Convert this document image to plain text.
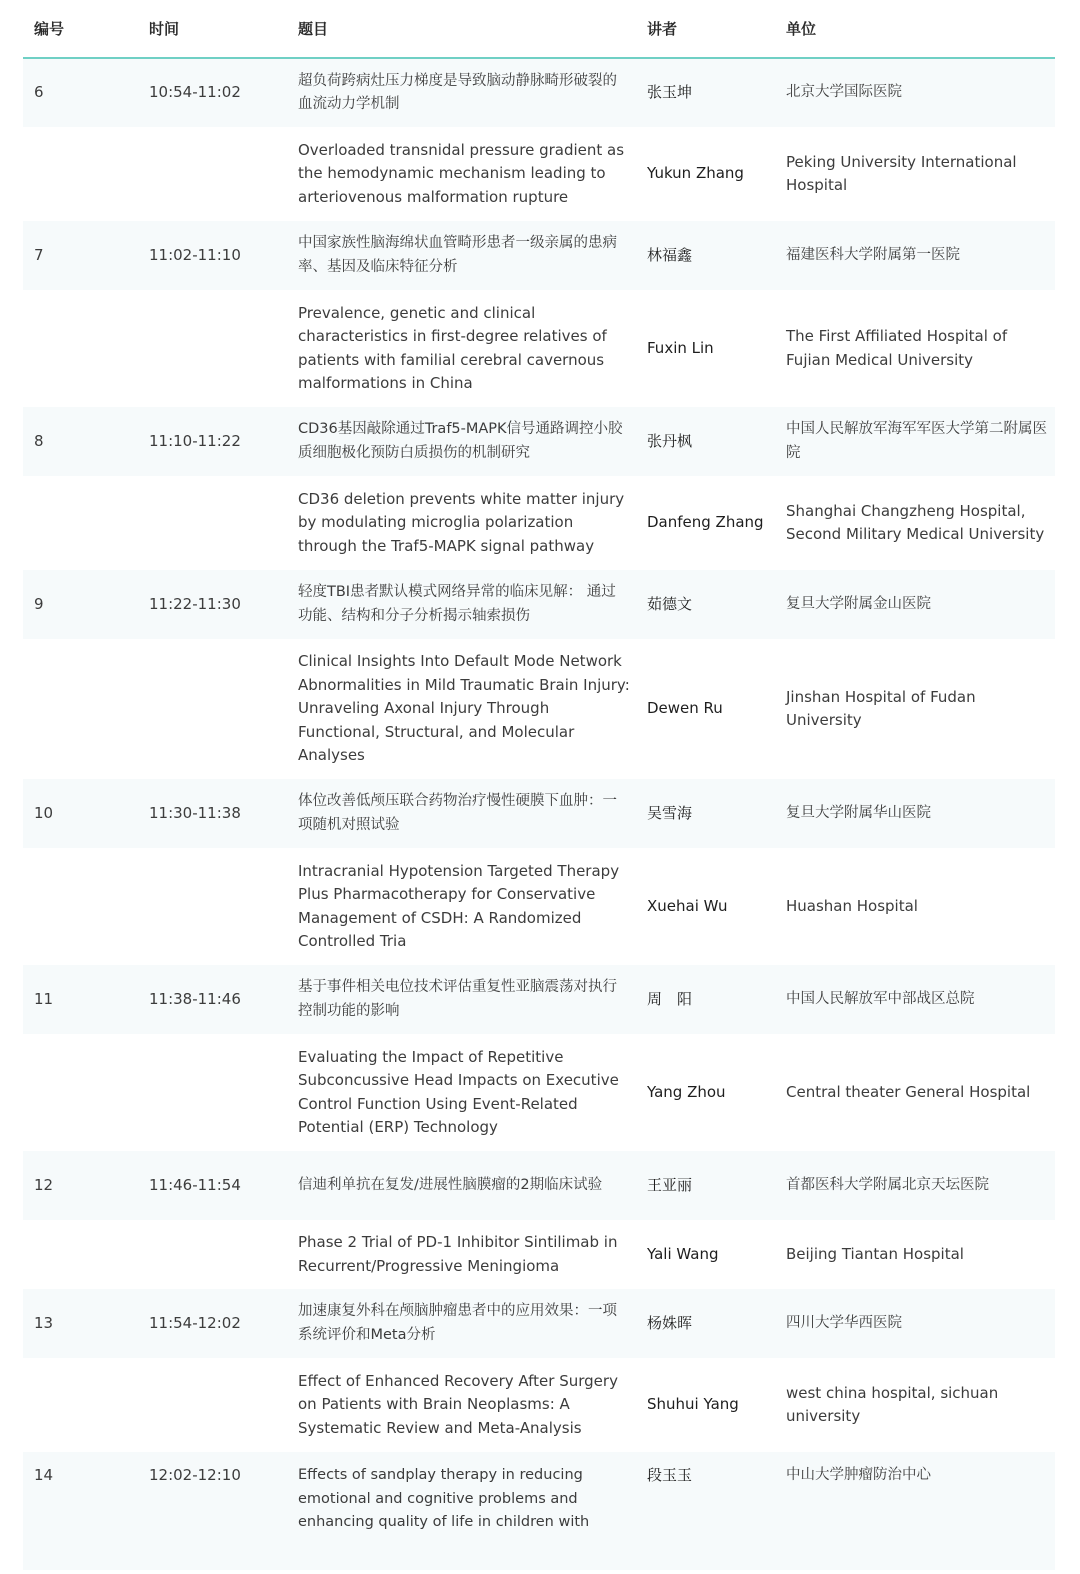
编号	时间	题目	讲者	单位
6	10:54-11:02	超负荷跨病灶压力梯度是导致脑动静脉畸形破裂的血流动力学机制	张玉坤	北京大学国际医院
		Overloaded transnidal pressure gradient as the hemodynamic mechanism leading to arteriovenous malformation rupture	Yukun Zhang	Peking University International Hospital
7	11:02-11:10	中国家族性脑海绵状血管畸形患者一级亲属的患病率、基因及临床特征分析	林福鑫	福建医科大学附属第一医院
		Prevalence, genetic and clinical characteristics in first-degree relatives of patients with familial cerebral cavernous malformations in China	Fuxin Lin	The First Affiliated Hospital of Fujian Medical University
8	11:10-11:22	CD36基因敲除通过Traf5-MAPK信号通路调控小胶质细胞极化预防白质损伤的机制研究	张丹枫	中国人民解放军海军军医大学第二附属医院
		CD36 deletion prevents white matter injury by modulating microglia polarization through the Traf5-MAPK signal pathway	Danfeng Zhang	Shanghai Changzheng Hospital, Second Military Medical University
9	11:22-11:30	轻度TBI患者默认模式网络异常的临床见解： 通过功能、结构和分子分析揭示轴索损伤	茹德文	复旦大学附属金山医院
		Clinical Insights Into Default Mode Network Abnormalities in Mild Traumatic Brain Injury: Unraveling Axonal Injury Through Functional, Structural, and Molecular Analyses	Dewen Ru	Jinshan Hospital of Fudan University
10	11:30-11:38	体位改善低颅压联合药物治疗慢性硬膜下血肿：一项随机对照试验	吴雪海	复旦大学附属华山医院
		Intracranial Hypotension Targeted Therapy Plus Pharmacotherapy for Conservative Management of CSDH: A Randomized Controlled Tria	Xuehai Wu	Huashan Hospital
11	11:38-11:46	基于事件相关电位技术评估重复性亚脑震荡对执行控制功能的影响	周　阳	中国人民解放军中部战区总院
		Evaluating the Impact of Repetitive Subconcussive Head Impacts on Executive Control Function Using Event-Related Potential (ERP) Technology	Yang Zhou	Central theater General Hospital
12	11:46-11:54	信迪利单抗在复发/进展性脑膜瘤的2期临床试验	王亚丽	首都医科大学附属北京天坛医院
		Phase 2 Trial of PD-1 Inhibitor Sintilimab in Recurrent/Progressive Meningioma	Yali Wang	Beijing Tiantan Hospital
13	11:54-12:02	加速康复外科在颅脑肿瘤患者中的应用效果：一项系统评价和Meta分析	杨姝晖	四川大学华西医院
		Effect of Enhanced Recovery After Surgery on Patients with Brain Neoplasms: A Systematic Review and Meta-Analysis	Shuhui Yang	west china hospital, sichuan university
14	12:02-12:10	Effects of sandplay therapy in reducing emotional and cognitive problems and enhancing quality of life in children with	段玉玉	中山大学肿瘤防治中心
